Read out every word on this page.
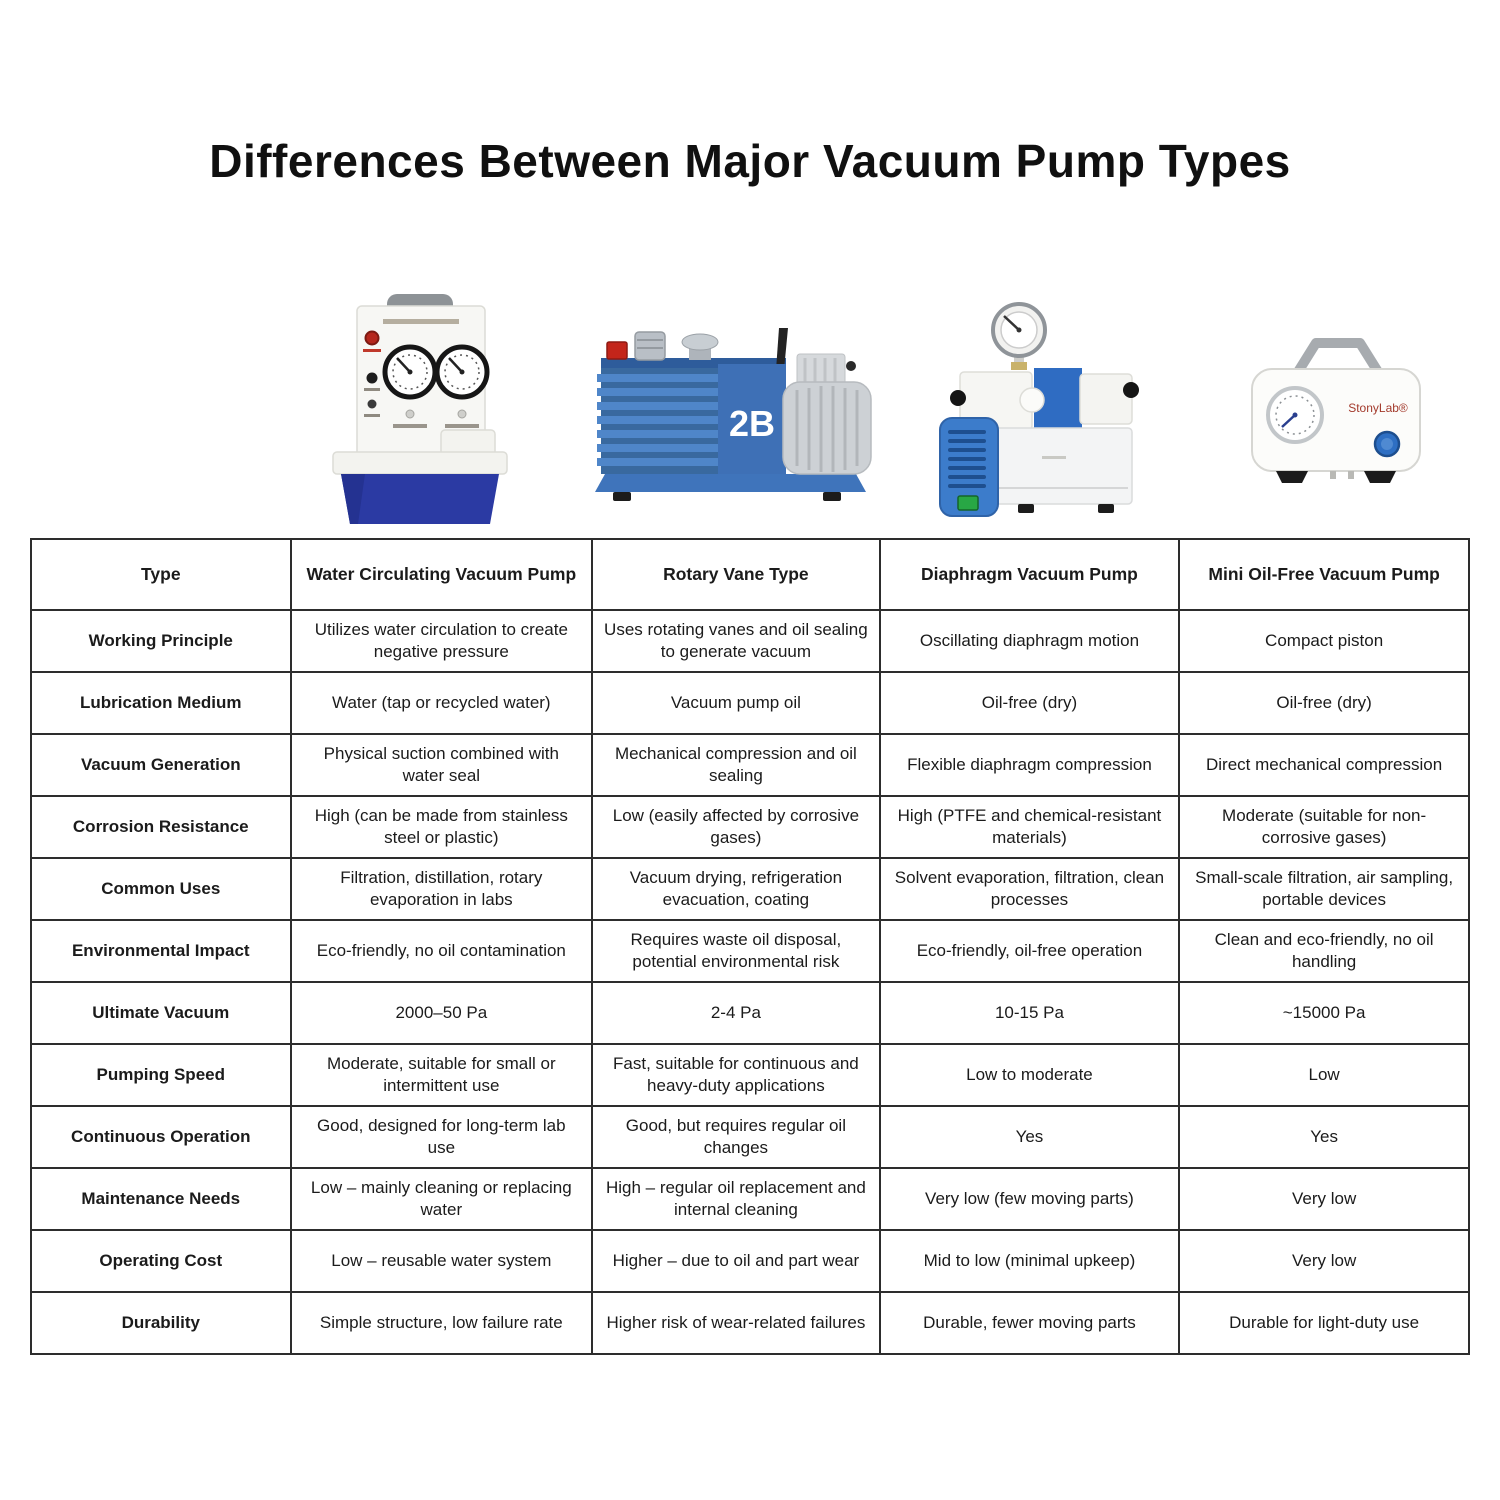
Differences Between Major Vacuum Pump Types
2B	StonyLab®
Type	Water Circulating Vacuum Pump	Rotary Vane Type	Diaphragm Vacuum Pump	Mini Oil-Free Vacuum Pump
Working Principle	Utilizes water circulation to create negative pressure	Uses rotating vanes and oil sealing to generate vacuum	Oscillating diaphragm motion	Compact piston
Lubrication Medium	Water (tap or recycled water)	Vacuum pump oil	Oil-free (dry)	Oil-free (dry)
Vacuum Generation	Physical suction combined with water seal	Mechanical compression and oil sealing	Flexible diaphragm compression	Direct mechanical compression
Corrosion Resistance	High (can be made from stainless steel or plastic)	Low (easily affected by corrosive gases)	High (PTFE and chemical-resistant materials)	Moderate (suitable for non-corrosive gases)
Common Uses	Filtration, distillation, rotary evaporation in labs	Vacuum drying, refrigeration evacuation, coating	Solvent evaporation, filtration, clean processes	Small-scale filtration, air sampling, portable devices
Environmental Impact	Eco-friendly, no oil contamination	Requires waste oil disposal, potential environmental risk	Eco-friendly, oil-free operation	Clean and eco-friendly, no oil handling
Ultimate Vacuum	2000–50 Pa	2-4 Pa	10-15 Pa	~15000 Pa
Pumping Speed	Moderate, suitable for small or intermittent use	Fast, suitable for continuous and heavy-duty applications	Low to moderate	Low
Continuous Operation	Good, designed for long-term lab use	Good, but requires regular oil changes	Yes	Yes
Maintenance Needs	Low – mainly cleaning or replacing water	High – regular oil replacement and internal cleaning	Very low (few moving parts)	Very low
Operating Cost	Low – reusable water system	Higher – due to oil and part wear	Mid to low (minimal upkeep)	Very low
Durability	Simple structure, low failure rate	Higher risk of wear-related failures	Durable, fewer moving parts	Durable for light-duty use
